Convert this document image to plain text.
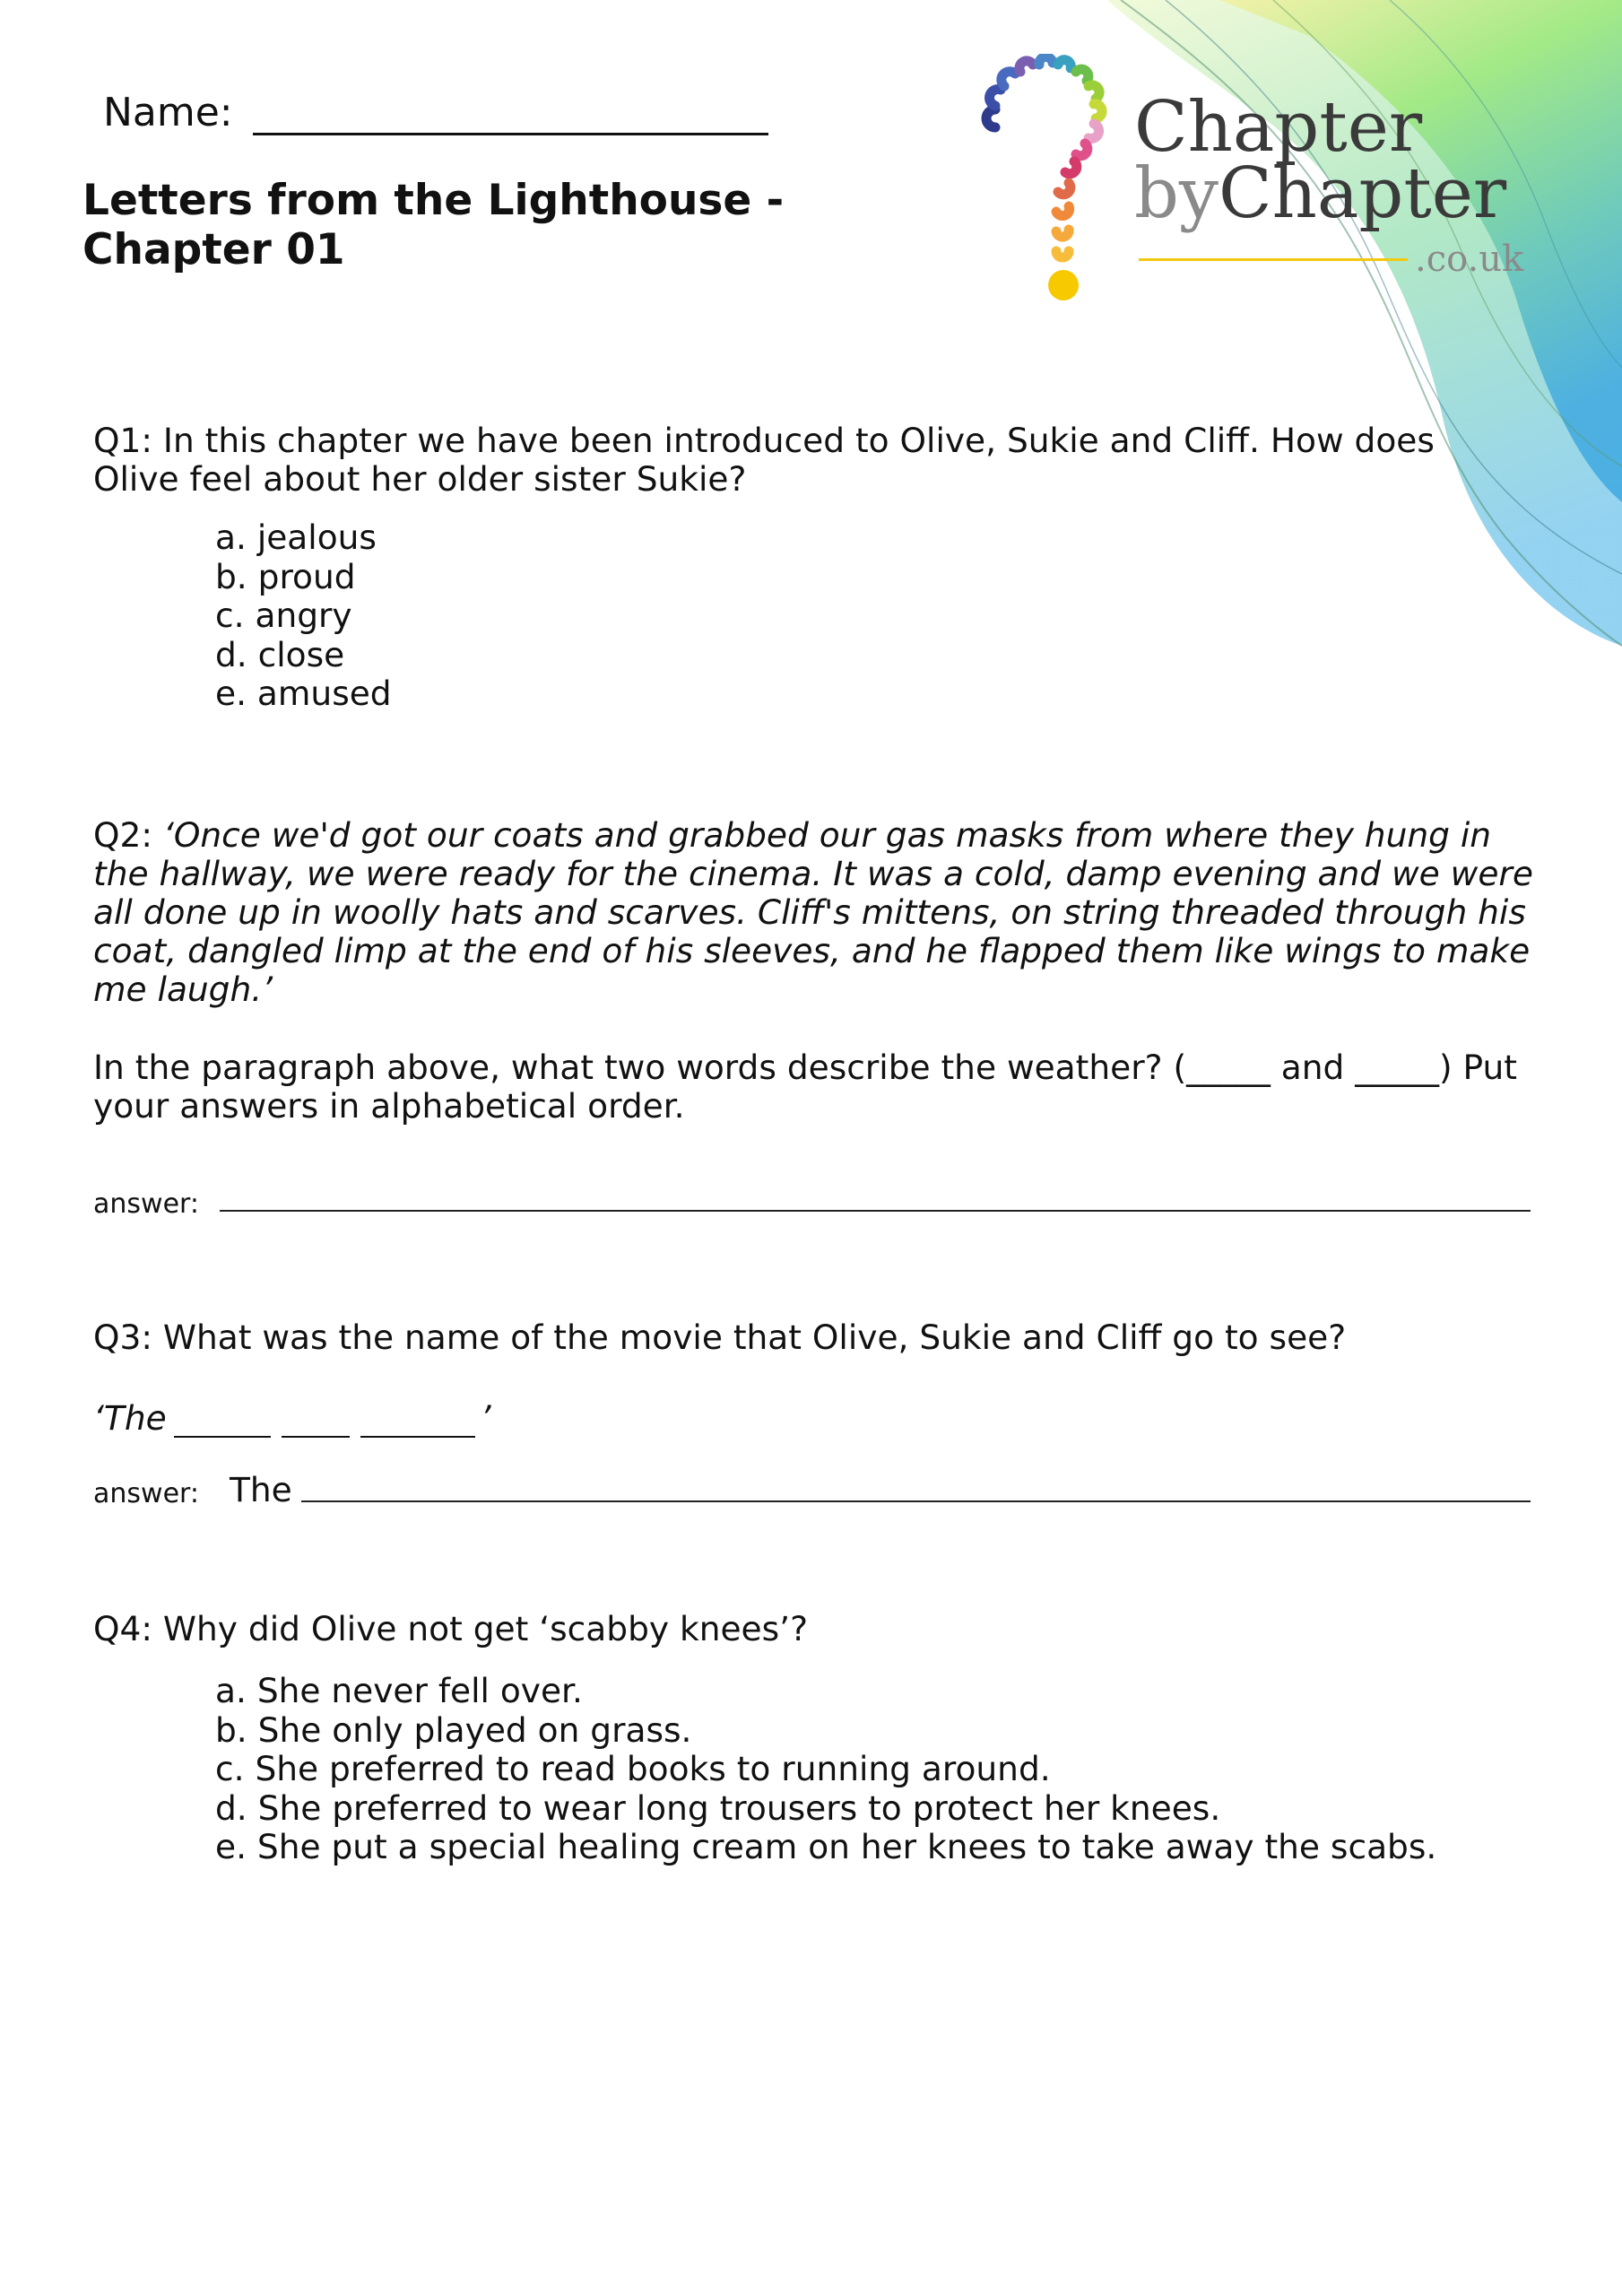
Name:
Letters from the Lighthouse - Chapter 01
Chapter
byChapter
.co.uk
Q1: In this chapter we have been introduced to Olive, Sukie and Cliff. How does Olive feel about her older sister Sukie?
a. jealous
b. proud
c. angry
d. close
e. amused
Q2: ‘Once we'd got our coats and grabbed our gas masks from where they hung in the hallway, we were ready for the cinema. It was a cold, damp evening and we were all done up in woolly hats and scarves. Cliff's mittens, on string threaded through his coat, dangled limp at the end of his sleeves, and he flapped them like wings to make me laugh.’
In the paragraph above, what two words describe the weather? (_____ and _____) Put your answers in alphabetical order.
answer:
Q3: What was the name of the movie that Olive, Sukie and Cliff go to see?
‘The	’
answer: The
Q4: Why did Olive not get ‘scabby knees’?
a. She never fell over.
b. She only played on grass.
c. She preferred to read books to running around.
d. She preferred to wear long trousers to protect her knees.
e. She put a special healing cream on her knees to take away the scabs.
